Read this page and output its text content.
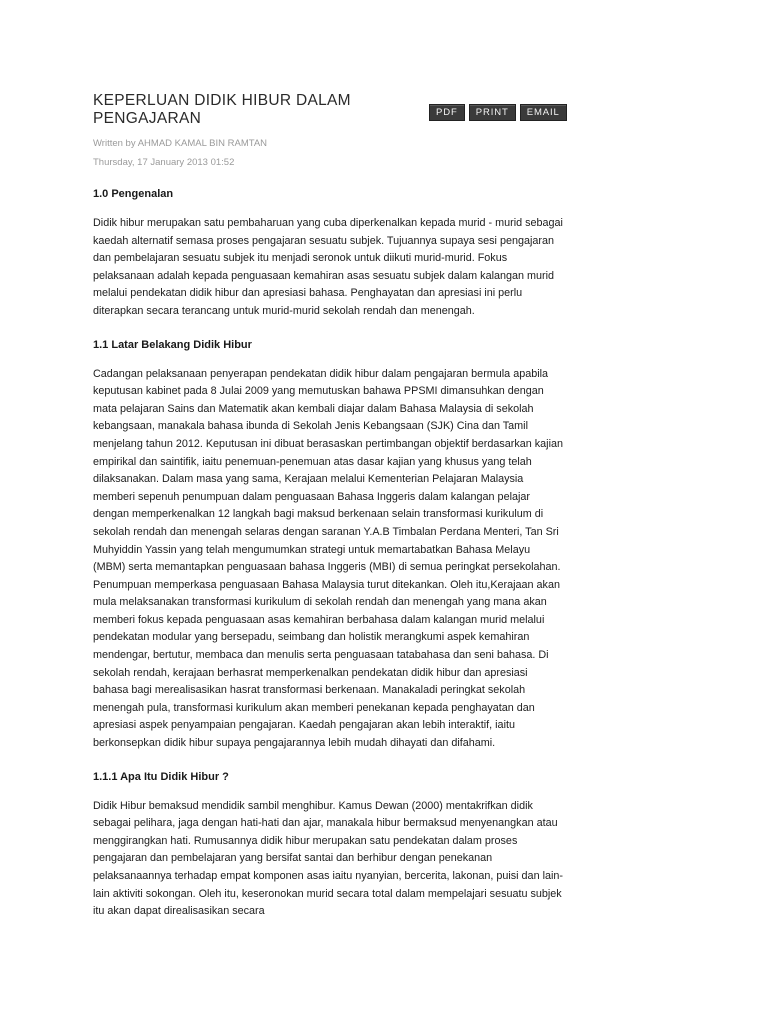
KEPERLUAN DIDIK HIBUR DALAM PENGAJARAN	PDF	PRINT	EMAIL
Written by AHMAD KAMAL BIN RAMTAN
Thursday, 17 January 2013 01:52
1.0 Pengenalan

Didik hibur merupakan satu pembaharuan yang cuba diperkenalkan kepada murid - murid sebagai kaedah alternatif semasa proses pengajaran sesuatu subjek. Tujuannya supaya sesi pengajaran dan pembelajaran sesuatu subjek itu menjadi seronok untuk diikuti murid-murid. Fokus pelaksanaan adalah kepada penguasaan kemahiran asas sesuatu subjek dalam kalangan murid melalui pendekatan didik hibur dan apresiasi bahasa. Penghayatan dan apresiasi ini perlu diterapkan secara terancang untuk murid-murid sekolah rendah dan menengah.

1.1 Latar Belakang Didik Hibur

Cadangan pelaksanaan penyerapan pendekatan didik hibur dalam pengajaran bermula apabila keputusan kabinet pada 8 Julai 2009 yang memutuskan bahawa PPSMI dimansuhkan dengan mata pelajaran Sains dan Matematik akan kembali diajar dalam Bahasa Malaysia di sekolah kebangsaan, manakala bahasa ibunda di Sekolah Jenis Kebangsaan (SJK) Cina dan Tamil menjelang tahun 2012. Keputusan ini dibuat berasaskan pertimbangan objektif berdasarkan kajian empirikal dan saintifik, iaitu penemuan-penemuan atas dasar kajian yang khusus yang telah dilaksanakan. Dalam masa yang sama, Kerajaan melalui Kementerian Pelajaran Malaysia memberi sepenuh penumpuan dalam penguasaan Bahasa Inggeris dalam kalangan pelajar dengan memperkenalkan 12 langkah bagi maksud berkenaan selain transformasi kurikulum di sekolah rendah dan menengah selaras dengan saranan Y.A.B Timbalan Perdana Menteri, Tan Sri Muhyiddin Yassin yang telah mengumumkan strategi untuk memartabatkan Bahasa Melayu (MBM) serta memantapkan penguasaan bahasa Inggeris (MBI) di semua peringkat persekolahan. Penumpuan memperkasa penguasaan Bahasa Malaysia turut ditekankan. Oleh itu,Kerajaan akan mula melaksanakan transformasi kurikulum di sekolah rendah dan menengah yang mana akan memberi fokus kepada penguasaan asas kemahiran berbahasa dalam kalangan murid melalui pendekatan modular yang bersepadu, seimbang dan holistik merangkumi aspek kemahiran mendengar, bertutur, membaca dan menulis serta penguasaan tatabahasa dan seni bahasa. Di sekolah rendah, kerajaan berhasrat memperkenalkan pendekatan didik hibur dan apresiasi bahasa bagi merealisasikan hasrat transformasi berkenaan. Manakaladi peringkat sekolah menengah pula, transformasi kurikulum akan memberi penekanan kepada penghayatan dan apresiasi aspek penyampaian pengajaran. Kaedah pengajaran akan lebih interaktif, iaitu berkonsepkan didik hibur supaya pengajarannya lebih mudah dihayati dan difahami.

1.1.1 Apa Itu Didik Hibur ?

Didik Hibur bemaksud mendidik sambil menghibur. Kamus Dewan (2000) mentakrifkan didik sebagai pelihara, jaga dengan hati-hati dan ajar, manakala hibur bermaksud menyenangkan atau menggirangkan hati. Rumusannya didik hibur merupakan satu pendekatan dalam proses pengajaran dan pembelajaran yang bersifat santai dan berhibur dengan penekanan pelaksanaannya terhadap empat komponen asas iaitu nyanyian, bercerita, lakonan, puisi dan lain-lain aktiviti sokongan. Oleh itu, keseronokan murid secara total dalam mempelajari sesuatu subjek itu akan dapat direalisasikan secara
